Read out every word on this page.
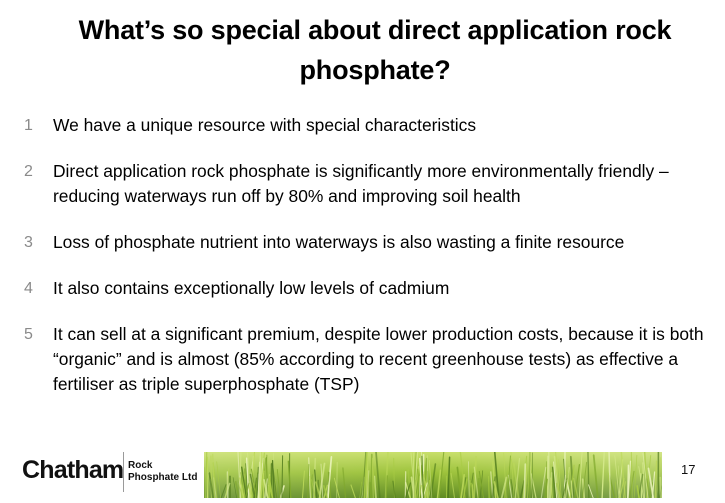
What’s so special about direct application rock phosphate?
1 We have a unique resource with special characteristics
2 Direct application rock phosphate is significantly more environmentally friendly – reducing waterways run off by 80% and improving soil health
3 Loss of phosphate nutrient into waterways is also wasting a finite resource
4 It also contains exceptionally low levels of cadmium
5 It can sell at a significant premium, despite lower production costs, because it is both “organic” and is almost (85% according to recent greenhouse tests) as effective a fertiliser as triple superphosphate (TSP)
Chatham Rock
Phosphate Ltd
17
